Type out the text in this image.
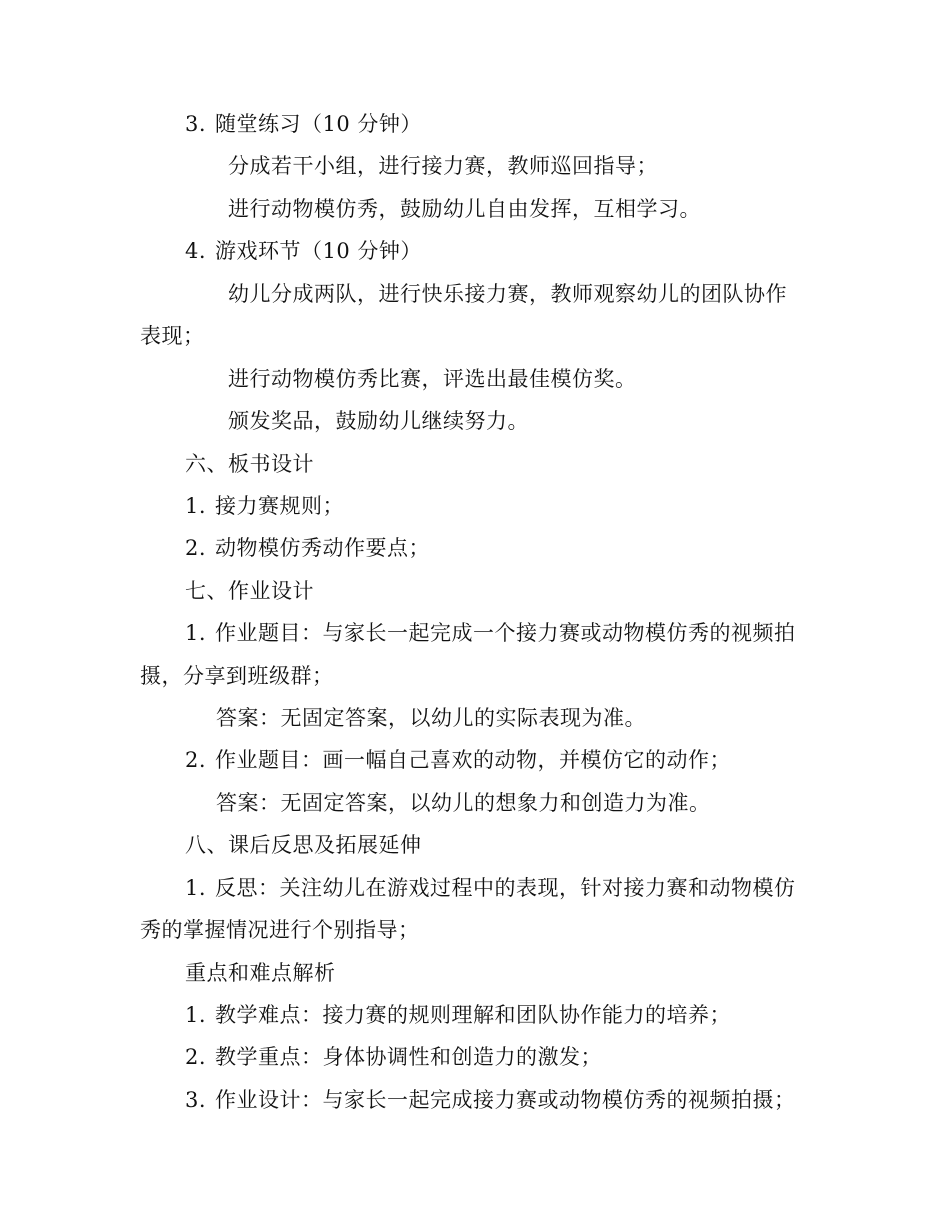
3. 随堂练习（10 分钟）
分成若干小组，进行接力赛，教师巡回指导；
进行动物模仿秀，鼓励幼儿自由发挥，互相学习。
4. 游戏环节（10 分钟）
幼儿分成两队，进行快乐接力赛，教师观察幼儿的团队协作
表现；
进行动物模仿秀比赛，评选出最佳模仿奖。
颁发奖品，鼓励幼儿继续努力。
六、板书设计
1. 接力赛规则；
2. 动物模仿秀动作要点；
七、作业设计
1. 作业题目：与家长一起完成一个接力赛或动物模仿秀的视频拍
摄，分享到班级群；
答案：无固定答案，以幼儿的实际表现为准。
2. 作业题目：画一幅自己喜欢的动物，并模仿它的动作；
答案：无固定答案，以幼儿的想象力和创造力为准。
八、课后反思及拓展延伸
1. 反思：关注幼儿在游戏过程中的表现，针对接力赛和动物模仿
秀的掌握情况进行个别指导；
重点和难点解析
1. 教学难点：接力赛的规则理解和团队协作能力的培养；
2. 教学重点：身体协调性和创造力的激发；
3. 作业设计：与家长一起完成接力赛或动物模仿秀的视频拍摄；
